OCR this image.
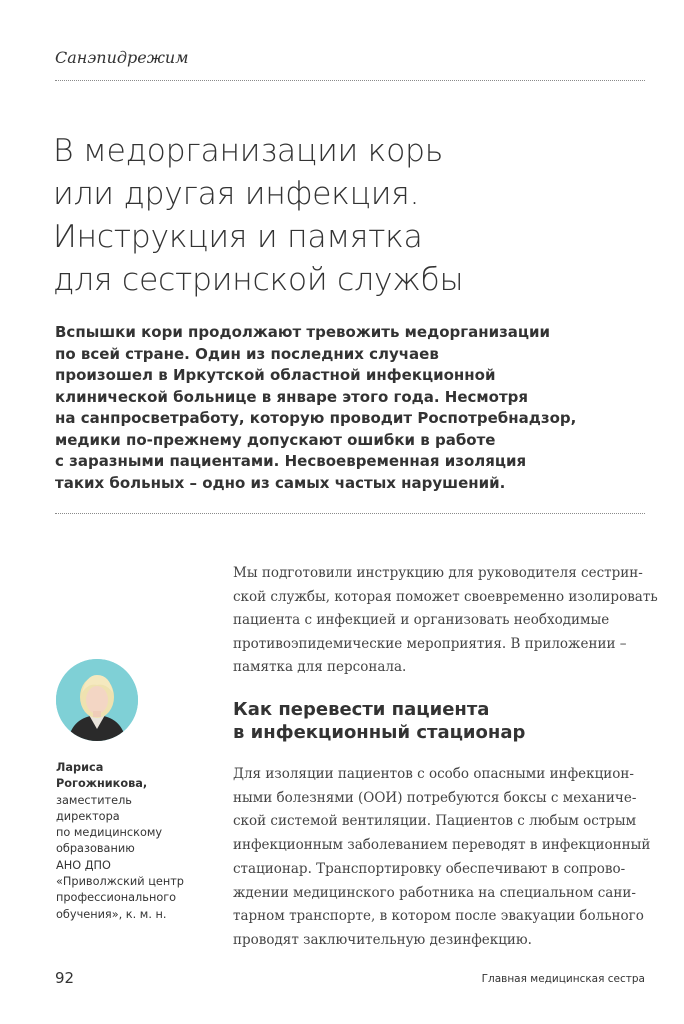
Санэпидрежим
В медорганизации корь
или другая инфекция.
Инструкция и памятка
для сестринской службы
Вспышки кори продолжают тревожить медорганизации
по всей стране. Один из последних случаев
произошел в Иркутской областной инфекционной
клинической больнице в январе этого года. Несмотря
на санпросветработу, которую проводит Роспотребнадзор,
медики по-прежнему допускают ошибки в работе
с заразными пациентами. Несвоевременная изоляция
таких больных – одно из самых частых нарушений.
Мы подготовили инструкцию для руководителя сестрин-
ской службы, которая поможет своевременно изолировать
пациента с инфекцией и организовать необходимые
противоэпидемические мероприятия. В приложении –
памятка для персонала.
Лариса
Рогожникова,
заместитель
директора
по медицинскому
образованию
АНО ДПО
«Приволжский центр
профессионального
обучения», к. м. н.
Как перевести пациента
в инфекционный стационар
Для изоляции пациентов с особо опасными инфекцион-
ными болезнями (ООИ) потребуются боксы с механиче-
ской системой вентиляции. Пациентов с любым острым
инфекционным заболеванием переводят в инфекционный
стационар. Транспортировку обеспечивают в сопрово-
ждении медицинского работника на специальном сани-
тарном транспорте, в котором после эвакуации больного
проводят заключительную дезинфекцию.
92	Главная медицинская сестра
